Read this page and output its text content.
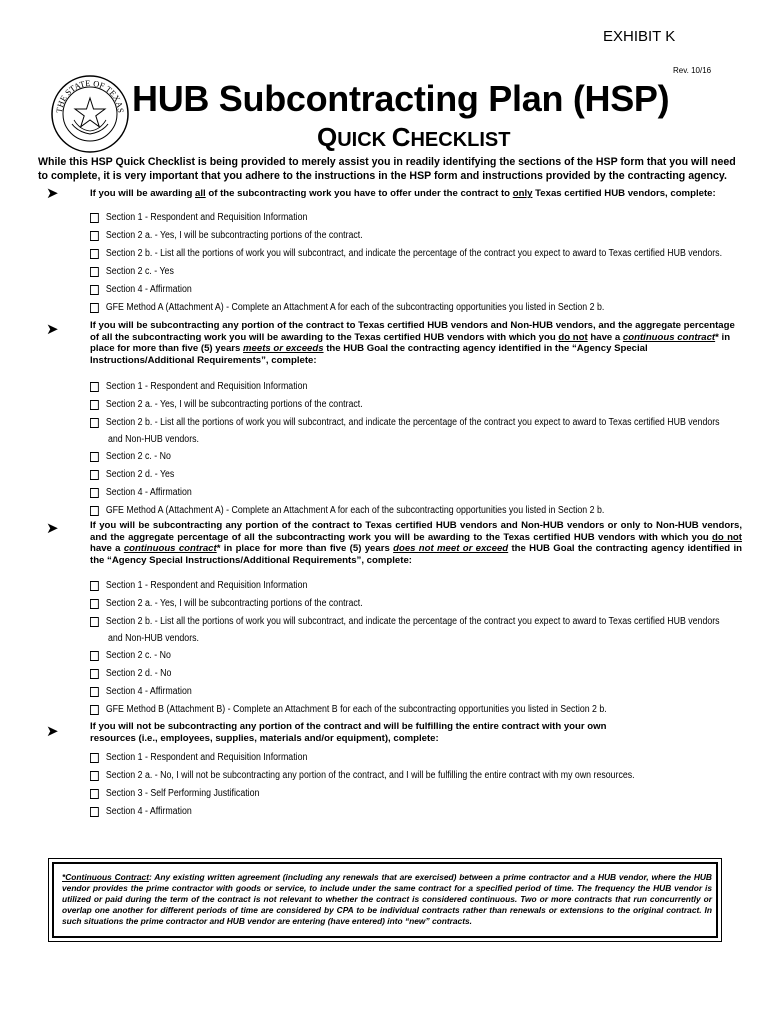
EXHIBIT K
Rev. 10/16
THE STATE OF TEXAS HUB Subcontracting Plan (HSP)
QUICK CHECKLIST
While this HSP Quick Checklist is being provided to merely assist you in readily identifying the sections of the HSP form that you will need to complete, it is very important that you adhere to the instructions in the HSP form and instructions provided by the contracting agency.
➤	If you will be awarding all of the subcontracting work you have to offer under the contract to only Texas certified HUB vendors, complete:
Section 1 - Respondent and Requisition Information
Section 2 a. - Yes, I will be subcontracting portions of the contract.
Section 2 b. - List all the portions of work you will subcontract, and indicate the percentage of the contract you expect to award to Texas certified HUB vendors.
Section 2 c. - Yes
Section 4 - Affirmation
GFE Method A (Attachment A) - Complete an Attachment A for each of the subcontracting opportunities you listed in Section 2 b.
➤	If you will be subcontracting any portion of the contract to Texas certified HUB vendors and Non-HUB vendors, and the aggregate percentage of all the subcontracting work you will be awarding to the Texas certified HUB vendors with which you do not have a continuous contract* in place for more than five (5) years meets or exceeds the HUB Goal the contracting agency identified in the “Agency Special Instructions/Additional Requirements”, complete:
Section 1 - Respondent and Requisition Information
Section 2 a. - Yes, I will be subcontracting portions of the contract.
Section 2 b. - List all the portions of work you will subcontract, and indicate the percentage of the contract you expect to award to Texas certified HUB vendors
and Non-HUB vendors.
Section 2 c. - No
Section 2 d. - Yes
Section 4 - Affirmation
GFE Method A (Attachment A) - Complete an Attachment A for each of the subcontracting opportunities you listed in Section 2 b.
➤	If you will be subcontracting any portion of the contract to Texas certified HUB vendors and Non-HUB vendors or only to Non-HUB vendors, and the aggregate percentage of all the subcontracting work you will be awarding to the Texas certified HUB vendors with which you do not have a continuous contract* in place for more than five (5) years does not meet or exceed the HUB Goal the contracting agency identified in the “Agency Special Instructions/Additional Requirements”, complete:
Section 1 - Respondent and Requisition Information
Section 2 a. - Yes, I will be subcontracting portions of the contract.
Section 2 b. - List all the portions of work you will subcontract, and indicate the percentage of the contract you expect to award to Texas certified HUB vendors
and Non-HUB vendors.
Section 2 c. - No
Section 2 d. - No
Section 4 - Affirmation
GFE Method B (Attachment B) - Complete an Attachment B for each of the subcontracting opportunities you listed in Section 2 b.
➤	If you will not be subcontracting any portion of the contract and will be fulfilling the entire contract with your own resources (i.e., employees, supplies, materials and/or equipment), complete:
Section 1 - Respondent and Requisition Information
Section 2 a. - No, I will not be subcontracting any portion of the contract, and I will be fulfilling the entire contract with my own resources.
Section 3 - Self Performing Justification
Section 4 - Affirmation
*Continuous Contract: Any existing written agreement (including any renewals that are exercised) between a prime contractor and a HUB vendor, where the HUB vendor provides the prime contractor with goods or service, to include under the same contract for a specified period of time. The frequency the HUB vendor is utilized or paid during the term of the contract is not relevant to whether the contract is considered continuous. Two or more contracts that run concurrently or overlap one another for different periods of time are considered by CPA to be individual contracts rather than renewals or extensions to the original contract. In such situations the prime contractor and HUB vendor are entering (have entered) into “new” contracts.
